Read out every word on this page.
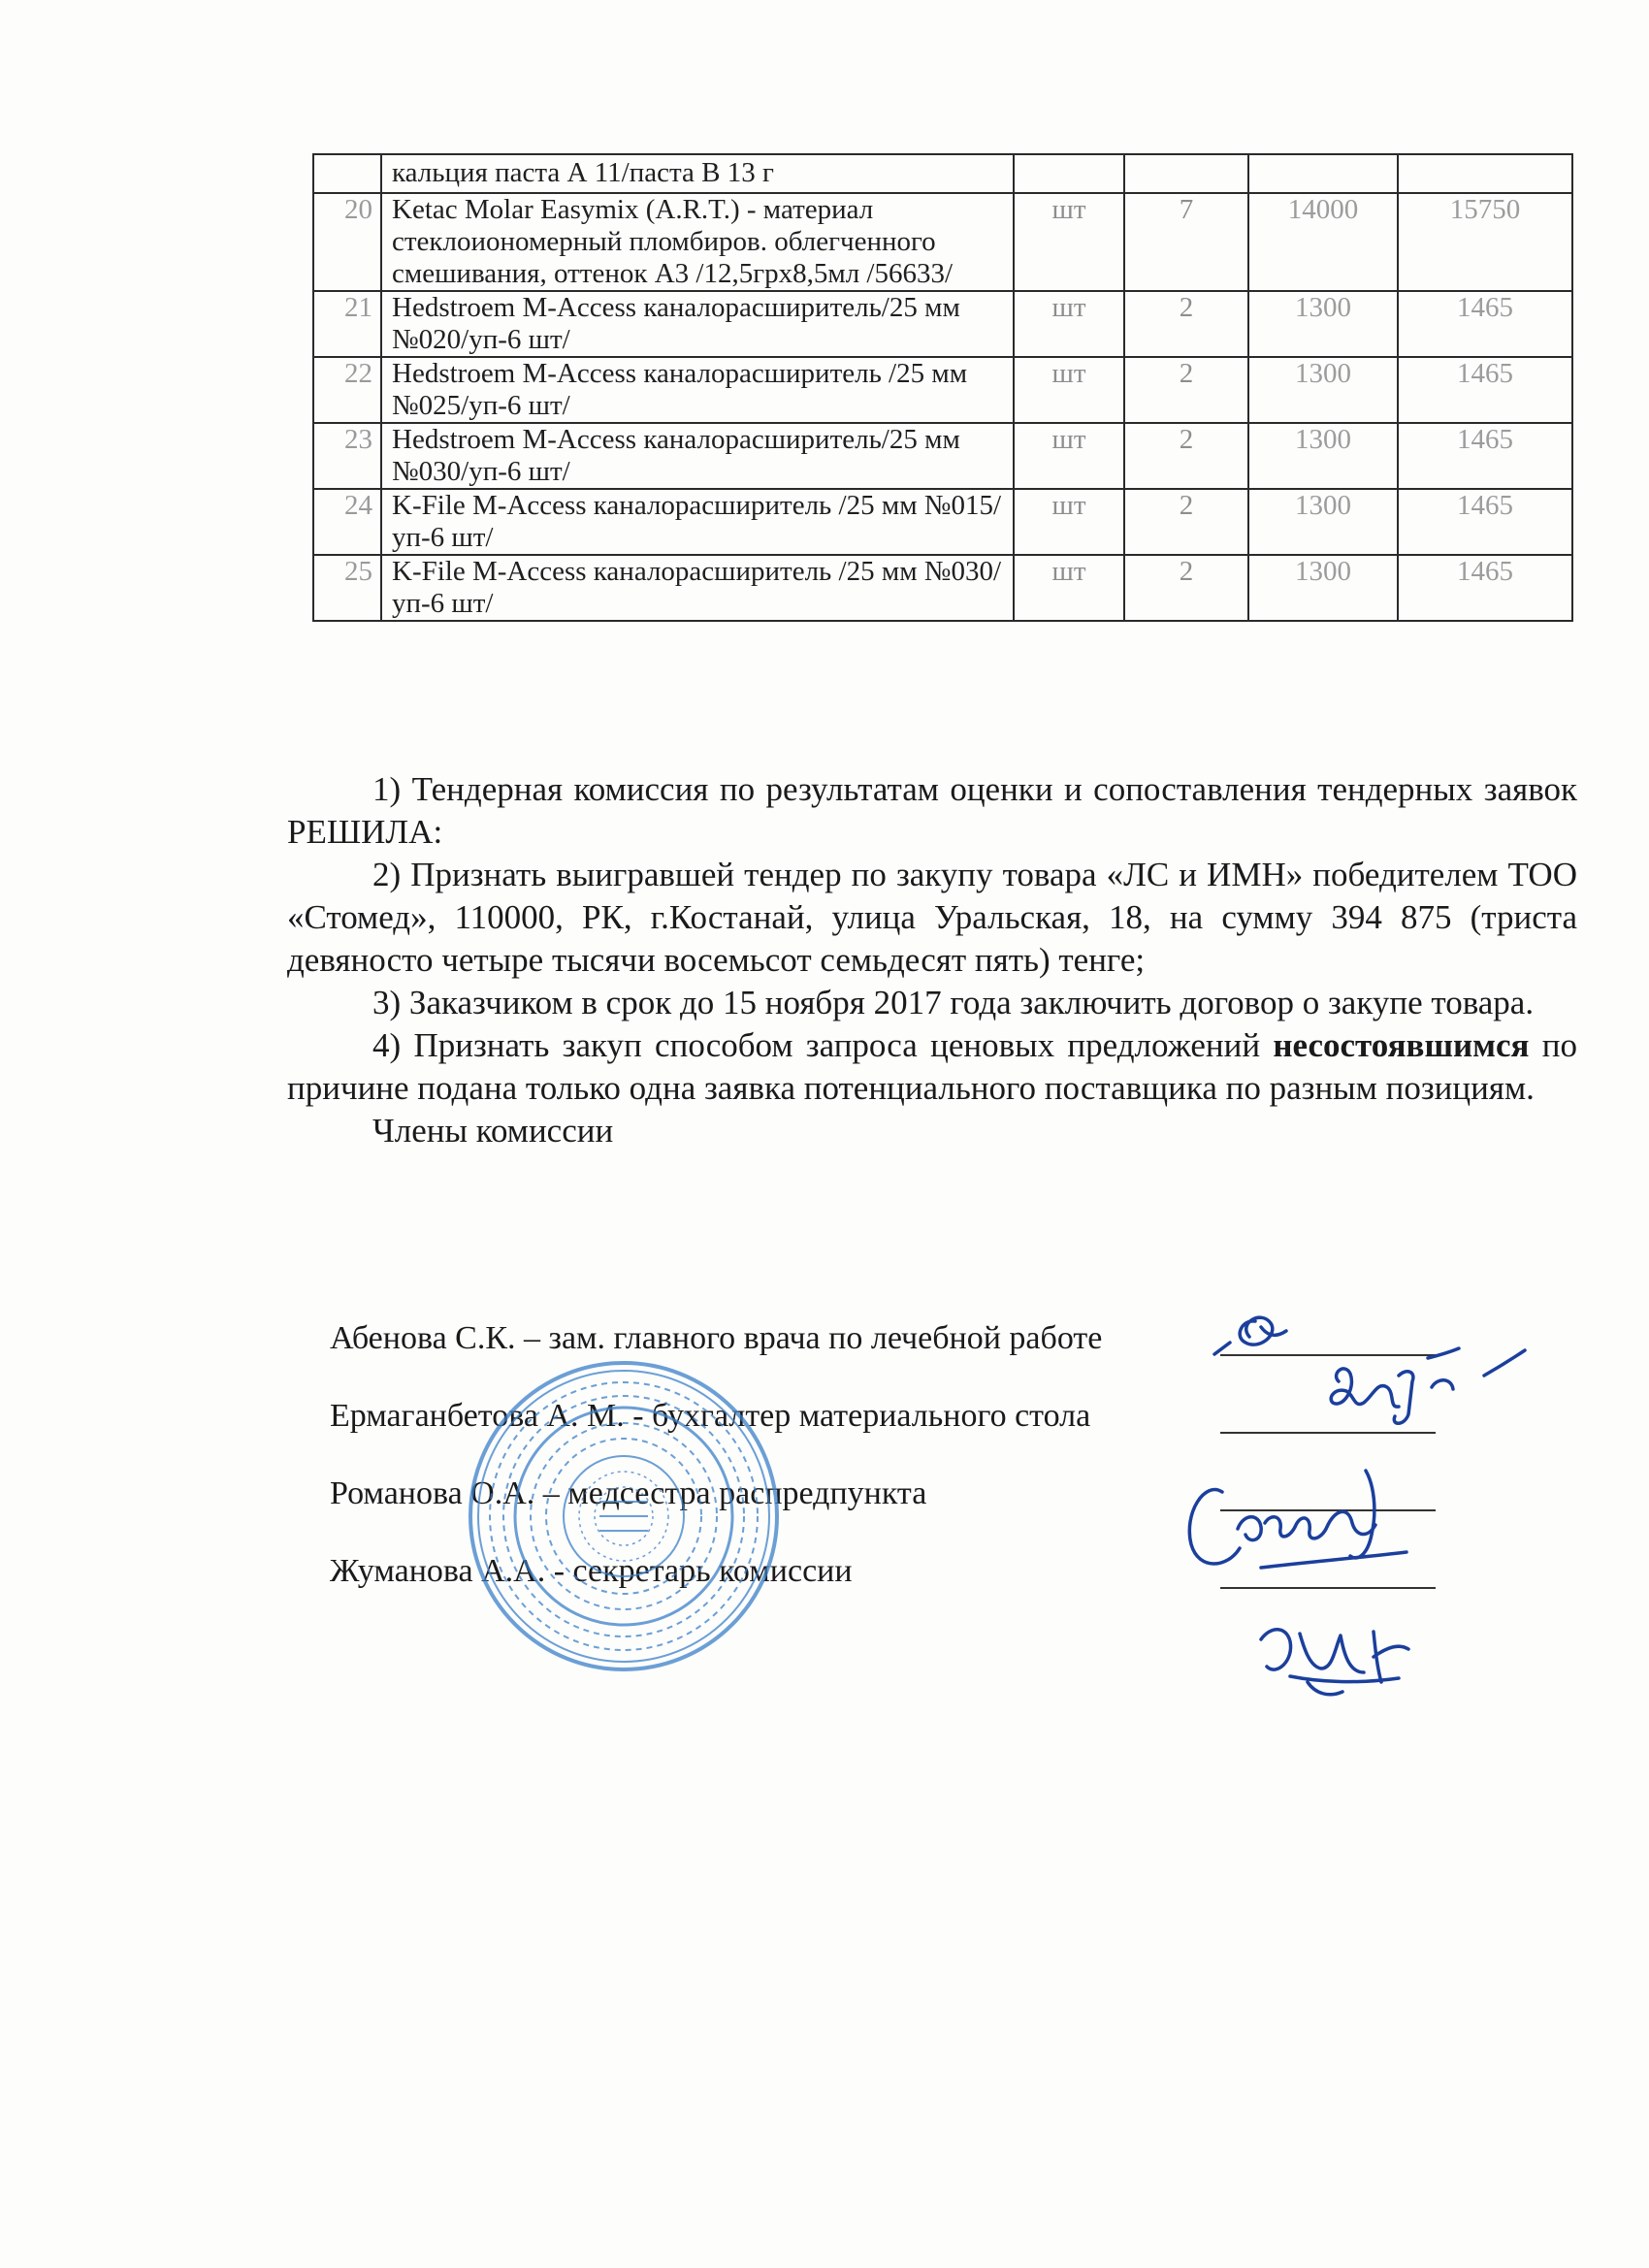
	кальция паста А 11/паста В 13 г				
20	Ketac Molar Easymix (A.R.T.) - материал стеклоиономерный пломбиров. облегченного смешивания, оттенок А3 /12,5грх8,5мл /56633/	шт	7	14000	15750
21	Hedstroem M-Access каналорасширитель/25 мм №020/уп-6 шт/	шт	2	1300	1465
22	Hedstroem M-Access каналорасширитель /25 мм №025/уп-6 шт/	шт	2	1300	1465
23	Hedstroem M-Access каналорасширитель/25 мм №030/уп-6 шт/	шт	2	1300	1465
24	K-File M-Access каналорасширитель /25 мм №015/уп-6 шт/	шт	2	1300	1465
25	K-File M-Access каналорасширитель /25 мм №030/уп-6 шт/	шт	2	1300	1465

1) Тендерная комиссия по результатам оценки и сопоставления тендерных заявок РЕШИЛА:

2) Признать выигравшей тендер по закупу товара «ЛС и ИМН» победителем ТОО «Стомед», 110000, РК, г.Костанай, улица Уральская, 18, на сумму 394 875 (триста девяносто четыре тысячи восемьсот семьдесят пять) тенге;

3) Заказчиком в срок до 15 ноября 2017 года заключить договор о закупе товара.

4) Признать закуп способом запроса ценовых предложений несостоявшимся по причине подана только одна заявка потенциального поставщика по разным позициям.

Члены комиссии

Абенова С.К. – зам. главного врача по лечебной работе
Ермаганбетова А. М. - бухгалтер материального стола
Романова О.А. – медсестра распредпункта
Жуманова А.А. - секретарь комиссии
